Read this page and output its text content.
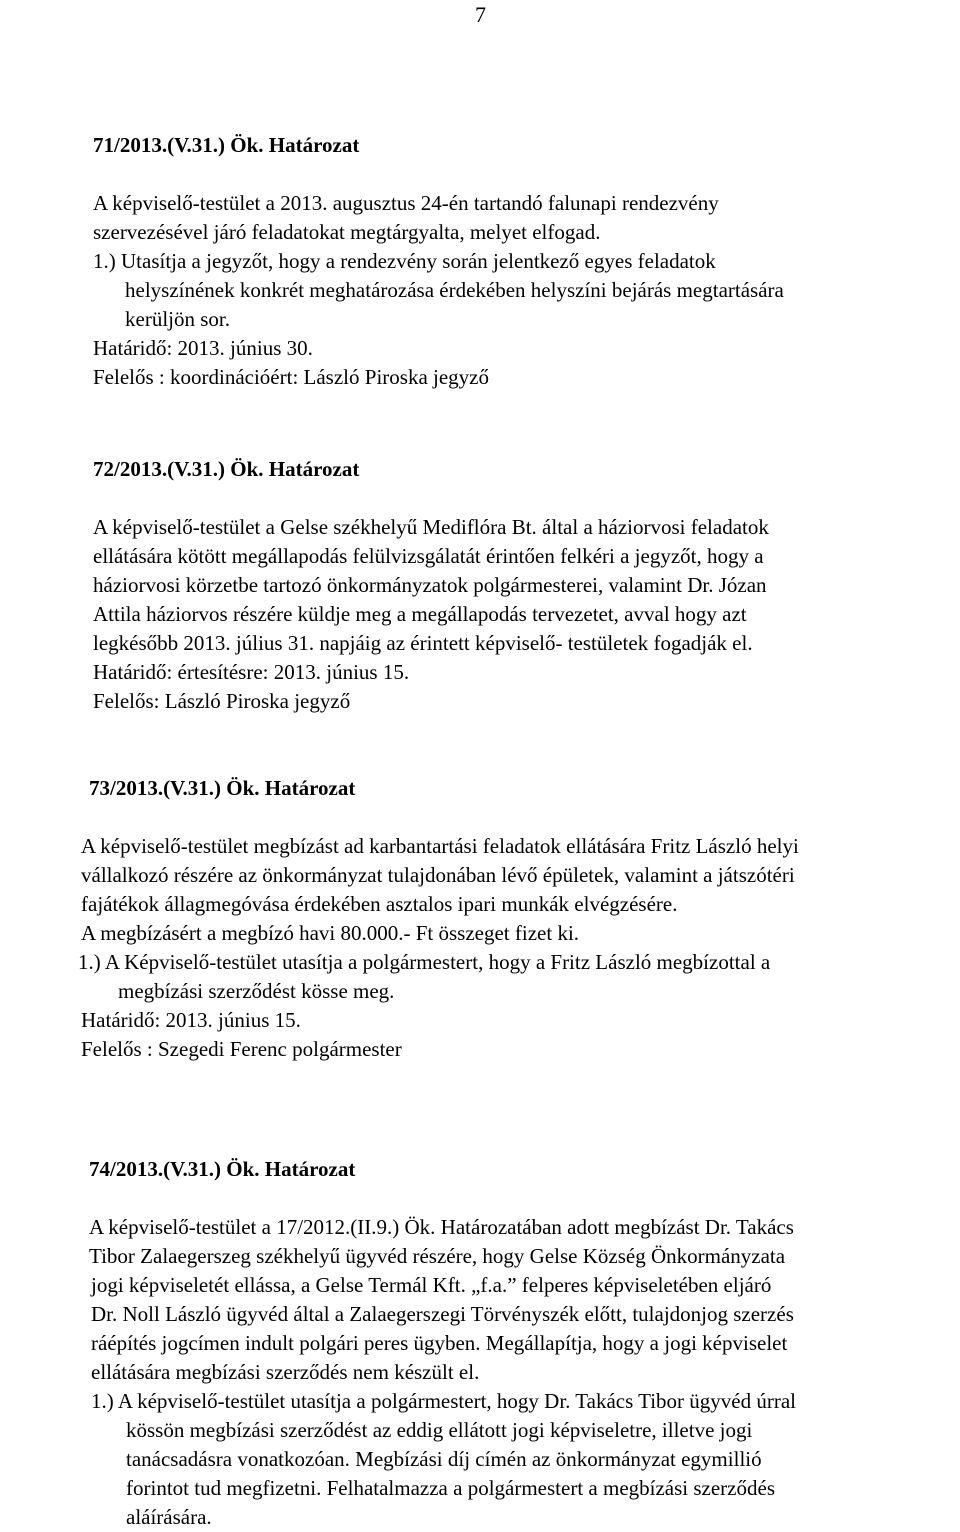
7
71/2013.(V.31.) Ök. Határozat
A képviselő-testület a 2013. augusztus 24-én tartandó falunapi rendezvény
szervezésével járó feladatokat megtárgyalta, melyet elfogad.
1.) Utasítja a jegyzőt, hogy a rendezvény során jelentkező egyes feladatok
helyszínének konkrét meghatározása érdekében helyszíni bejárás megtartására
kerüljön sor.
Határidő: 2013. június 30.
Felelős : koordinációért: László Piroska jegyző
72/2013.(V.31.) Ök. Határozat
A képviselő-testület a Gelse székhelyű Mediflóra Bt. által a háziorvosi feladatok
ellátására kötött megállapodás felülvizsgálatát érintően felkéri a jegyzőt, hogy a
háziorvosi körzetbe tartozó önkormányzatok polgármesterei, valamint Dr. Józan
Attila háziorvos részére küldje meg a megállapodás tervezetet, avval hogy azt
legkésőbb 2013. július 31. napjáig az érintett képviselő- testületek fogadják el.
Határidő: értesítésre: 2013. június 15.
Felelős: László Piroska jegyző
73/2013.(V.31.) Ök. Határozat
A képviselő-testület megbízást ad karbantartási feladatok ellátására Fritz László helyi
vállalkozó részére az önkormányzat tulajdonában lévő épületek, valamint a játszótéri
fajátékok állagmegóvása érdekében asztalos ipari munkák elvégzésére.
A megbízásért a megbízó havi 80.000.- Ft összeget fizet ki.
1.) A Képviselő-testület utasítja a polgármestert, hogy a Fritz László megbízottal a
megbízási szerződést kösse meg.
Határidő: 2013. június 15.
Felelős : Szegedi Ferenc polgármester
74/2013.(V.31.) Ök. Határozat
A képviselő-testület a 17/2012.(II.9.) Ök. Határozatában adott megbízást Dr. Takács
Tibor Zalaegerszeg székhelyű ügyvéd részére, hogy Gelse Község Önkormányzata
jogi képviseletét ellássa, a Gelse Termál Kft. „f.a.” felperes képviseletében eljáró
Dr. Noll László ügyvéd által a Zalaegerszegi Törvényszék előtt, tulajdonjog szerzés
ráépítés jogcímen indult polgári peres ügyben. Megállapítja, hogy a jogi képviselet
ellátására megbízási szerződés nem készült el.
1.) A képviselő-testület utasítja a polgármestert, hogy Dr. Takács Tibor ügyvéd úrral
kössön megbízási szerződést az eddig ellátott jogi képviseletre, illetve jogi
tanácsadásra vonatkozóan. Megbízási díj címén az önkormányzat egymillió
forintot tud megfizetni. Felhatalmazza a polgármestert a megbízási szerződés
aláírására.
